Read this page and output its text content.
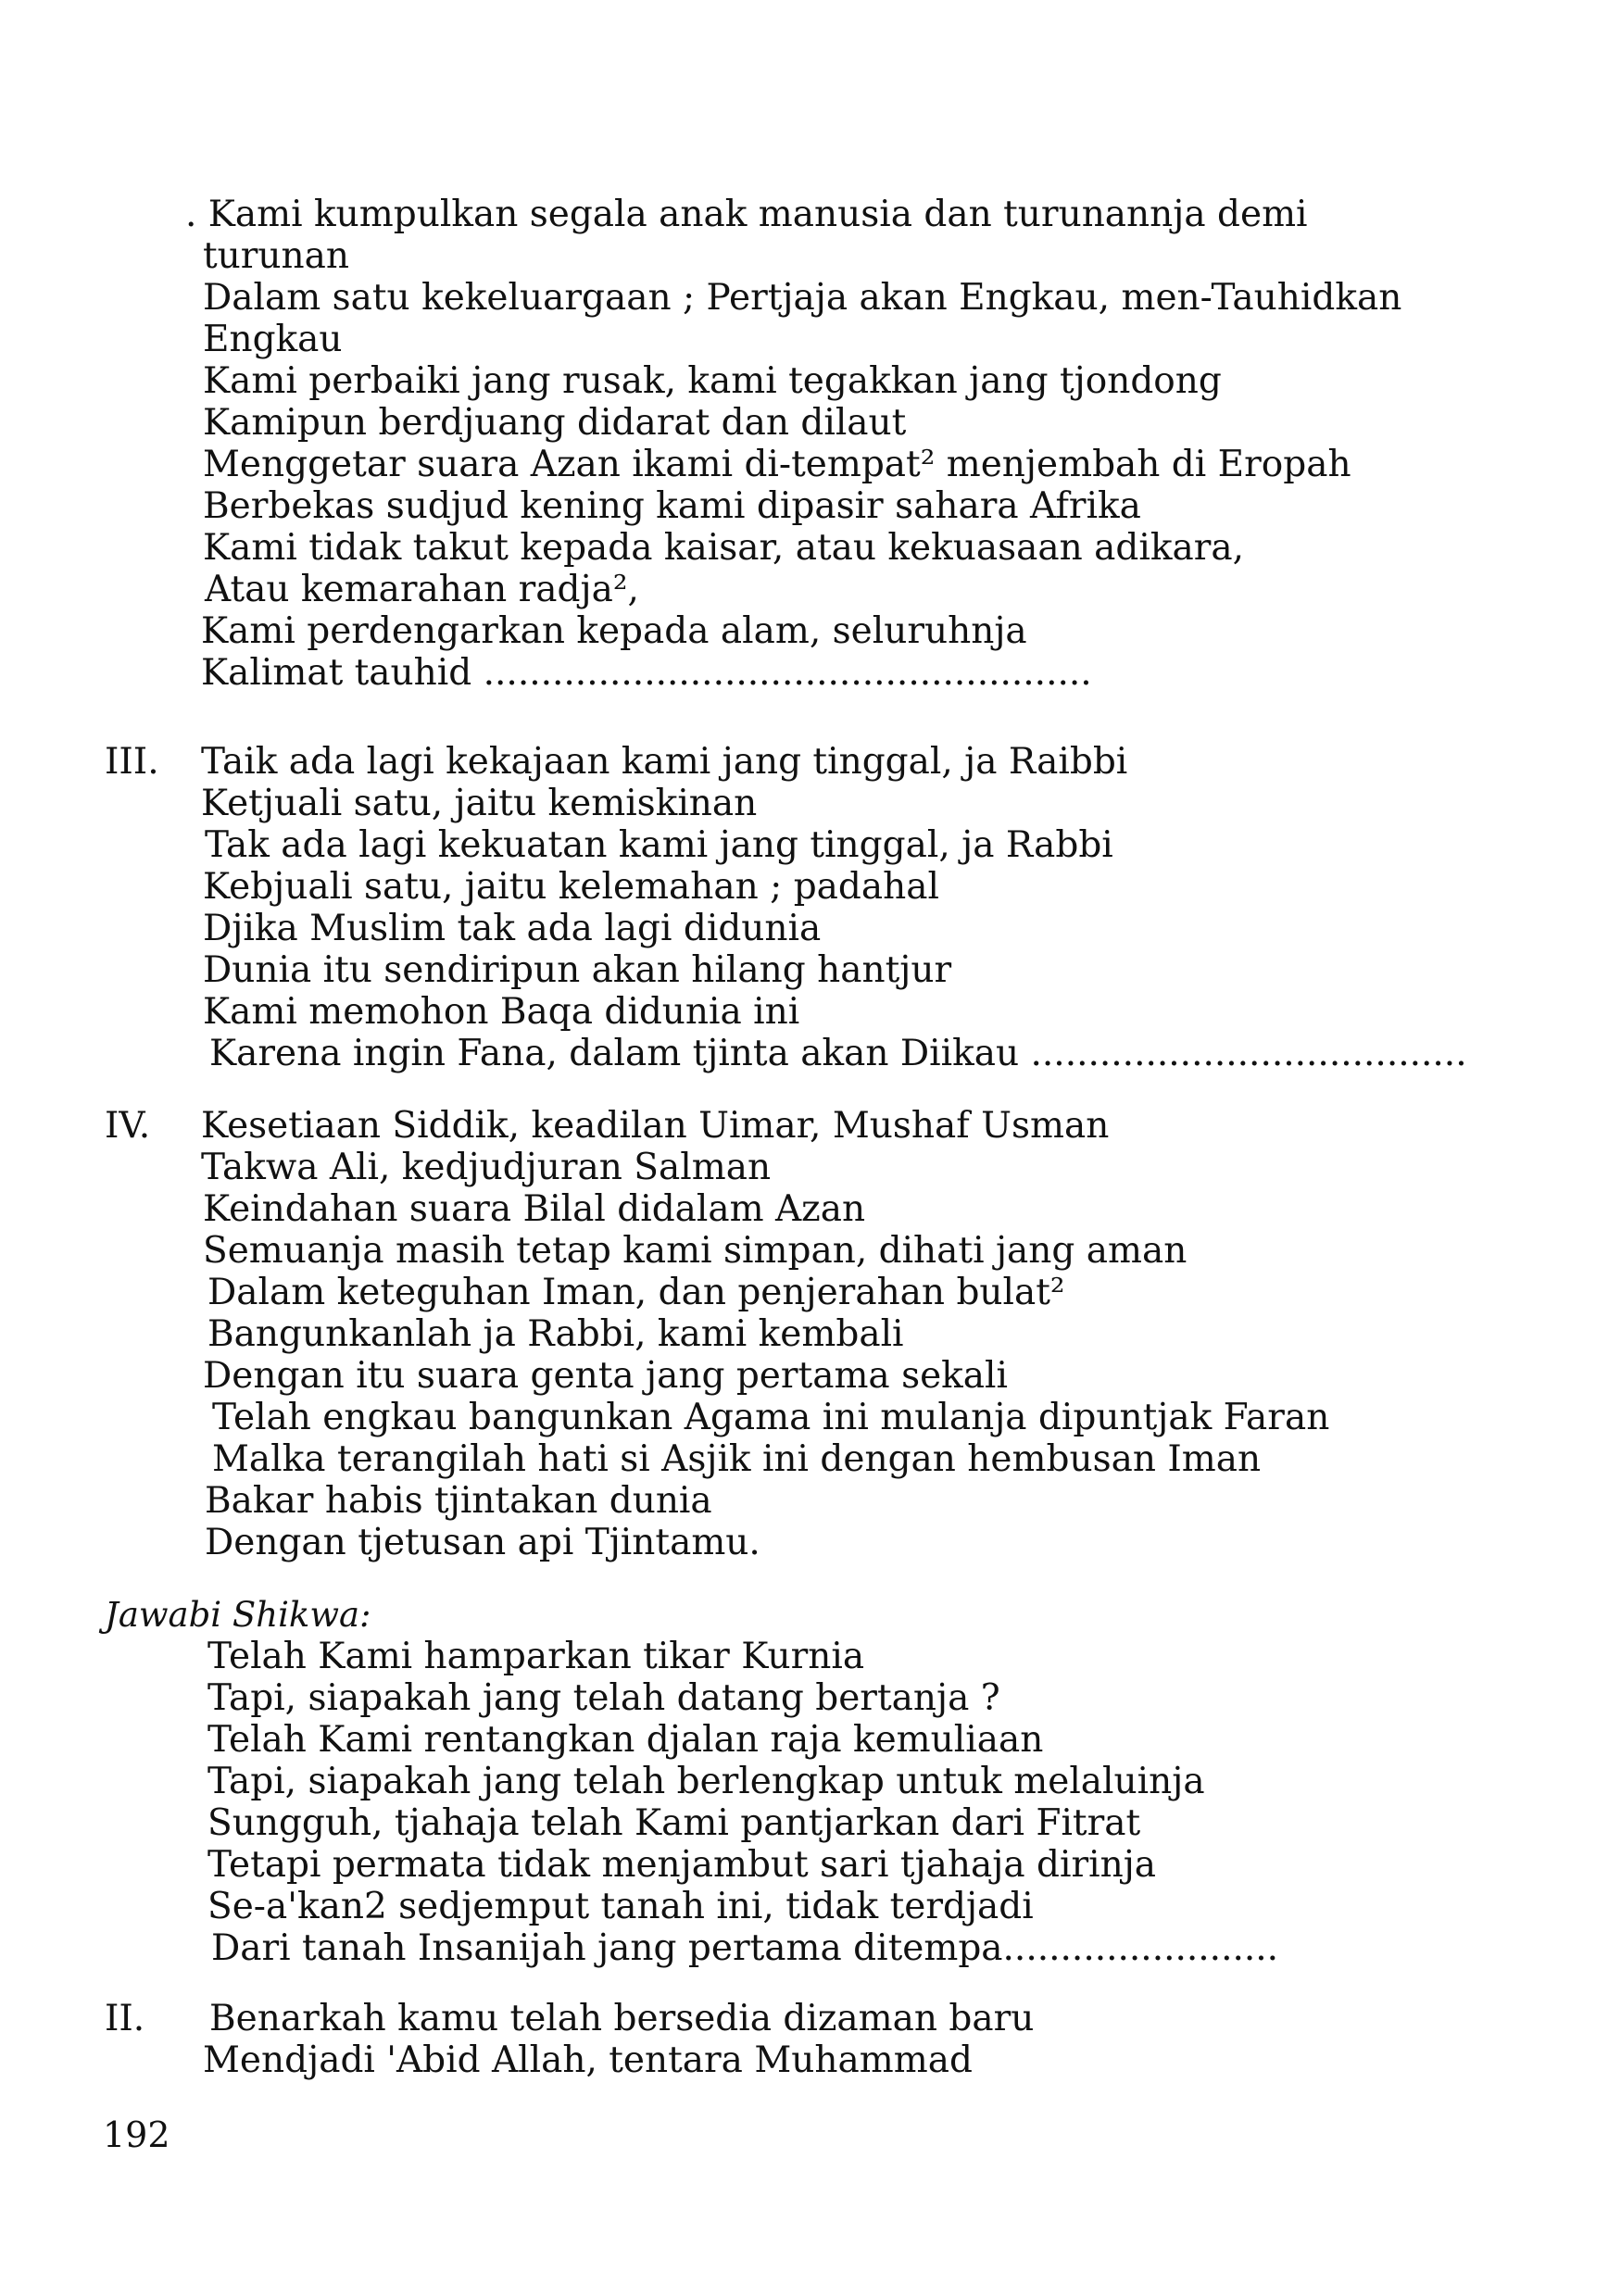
. Kami kumpulkan segala anak manusia dan turunannja demi
turunan
Dalam satu kekeluargaan ; Pertjaja akan Engkau, men-Tauhidkan
Engkau
Kami perbaiki jang rusak, kami tegakkan jang tjondong
Kamipun berdjuang didarat dan dilaut
Menggetar suara Azan ikami di-tempat² menjembah di Eropah
Berbekas sudjud kening kami dipasir sahara Afrika
Kami tidak takut kepada kaisar, atau kekuasaan adikara,
Atau kemarahan radja²,
Kami perdengarkan kepada alam, seluruhnja
Kalimat tauhid .....................................................
III. Taik ada lagi kekajaan kami jang tinggal, ja Raibbi
Ketjuali satu, jaitu kemiskinan
Tak ada lagi kekuatan kami jang tinggal, ja Rabbi
Kebjuali satu, jaitu kelemahan ; padahal
Djika Muslim tak ada lagi didunia
Dunia itu sendiripun akan hilang hantjur
Kami memohon Baqa didunia ini
Karena ingin Fana, dalam tjinta akan Diikau ......................................
IV. Kesetiaan Siddik, keadilan Uimar, Mushaf Usman
Takwa Ali, kedjudjuran Salman
Keindahan suara Bilal didalam Azan
Semuanja masih tetap kami simpan, dihati jang aman
Dalam keteguhan Iman, dan penjerahan bulat²
Bangunkanlah ja Rabbi, kami kembali
Dengan itu suara genta jang pertama sekali
Telah engkau bangunkan Agama ini mulanja dipuntjak Faran
Malka terangilah hati si Asjik ini dengan hembusan Iman
Bakar habis tjintakan dunia
Dengan tjetusan api Tjintamu.
Jawabi Shikwa:
Telah Kami hamparkan tikar Kurnia
Tapi, siapakah jang telah datang bertanja ?
Telah Kami rentangkan djalan raja kemuliaan
Tapi, siapakah jang telah berlengkap untuk melaluinja
Sungguh, tjahaja telah Kami pantjarkan dari Fitrat
Tetapi permata tidak menjambut sari tjahaja dirinja
Se-a'kan2 sedjemput tanah ini, tidak terdjadi
Dari tanah Insanijah jang pertama ditempa........................
II. Benarkah kamu telah bersedia dizaman baru
Mendjadi 'Abid Allah, tentara Muhammad
192
